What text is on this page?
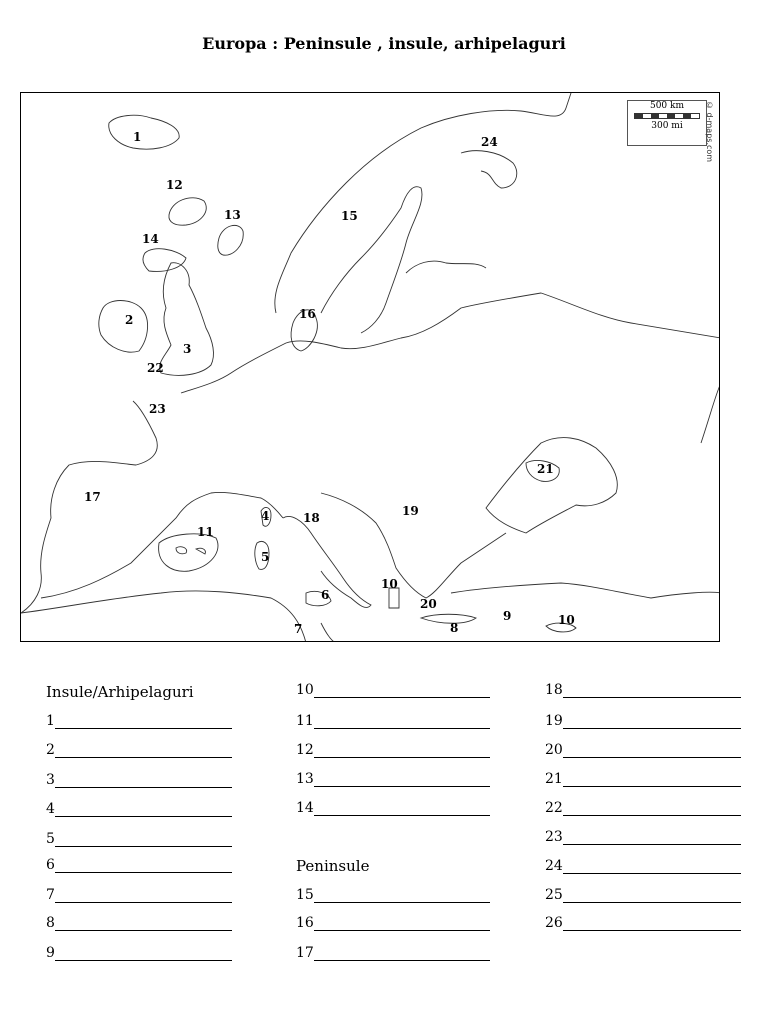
Europa : Peninsule , insule, arhipelaguri
1
12
13
14
2
3
22
23
17
11
4
5
18
16
15
24
19
21
6
7
10
20
8
9	10
500 km
300 mi	© d-maps.com
Insule/Arhipelaguri
Peninsule
1
2
3
4
5
6
7
8
9
10
11
12
13
14
15
16
17
18
19
20
21
22
23
24
25
26
